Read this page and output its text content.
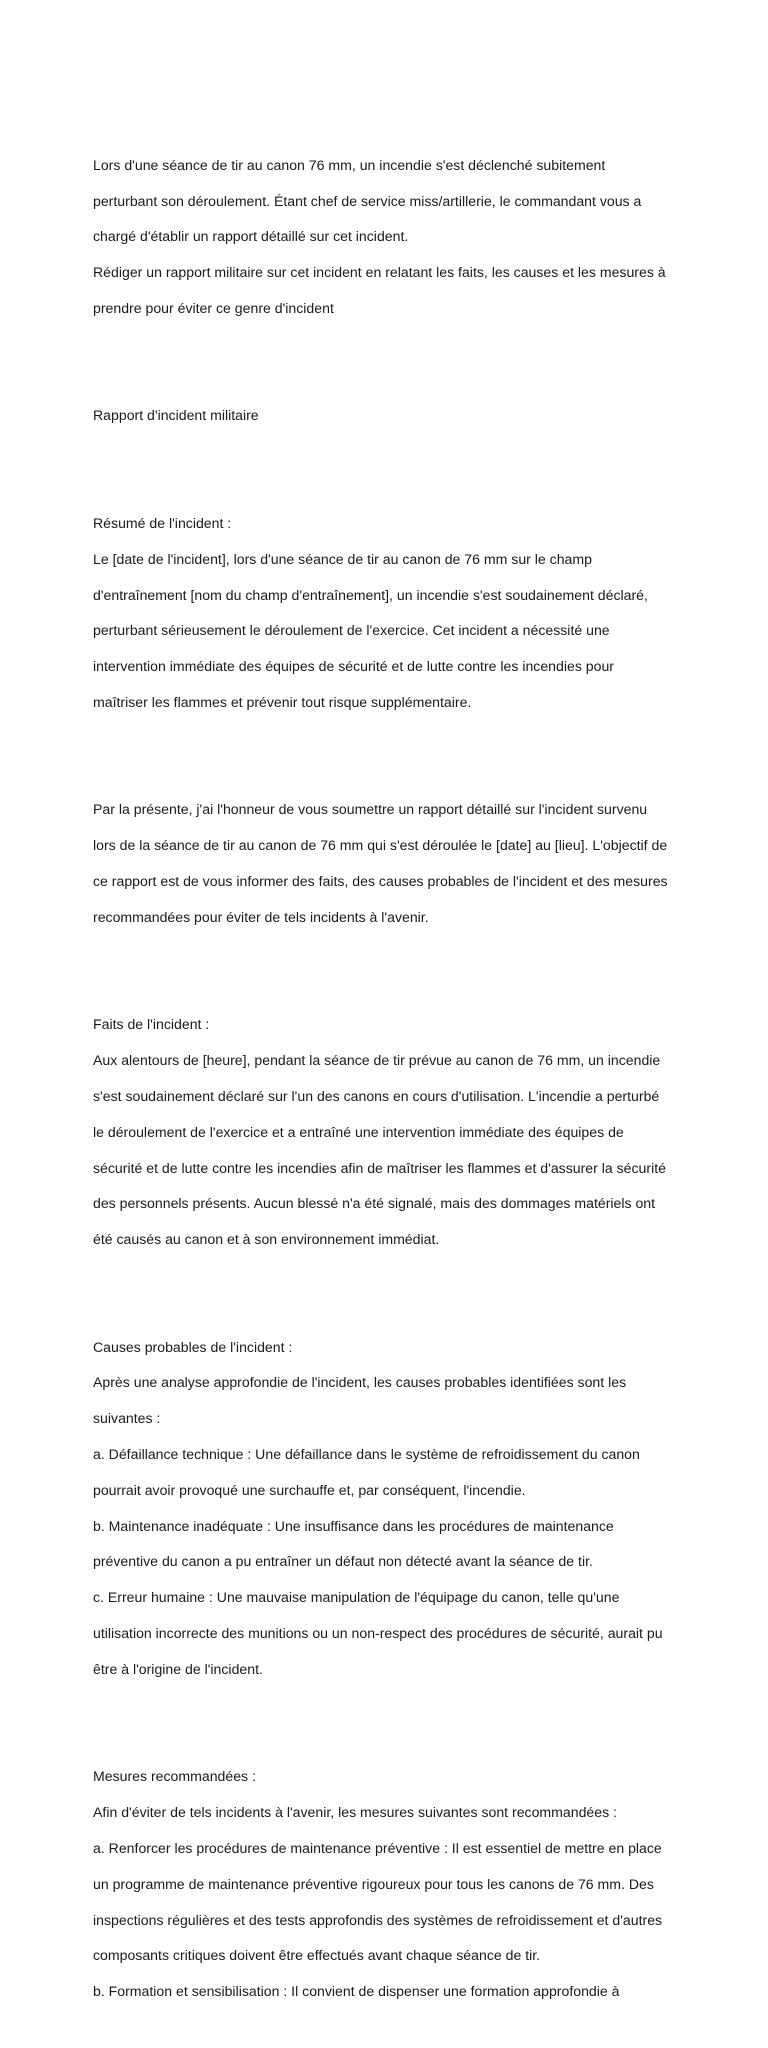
Lors d'une séance de tir au canon 76 mm, un incendie s'est déclenché subitement

perturbant son déroulement. Étant chef de service miss/artillerie, le commandant vous a

chargé d'établir un rapport détaillé sur cet incident.

Rédiger un rapport militaire sur cet incident en relatant les faits, les causes et les mesures à

prendre pour éviter ce genre d'incident

Rapport d'incident militaire

Résumé de l'incident :

Le [date de l'incident], lors d'une séance de tir au canon de 76 mm sur le champ

d'entraînement [nom du champ d'entraînement], un incendie s'est soudainement déclaré,

perturbant sérieusement le déroulement de l'exercice. Cet incident a nécessité une

intervention immédiate des équipes de sécurité et de lutte contre les incendies pour

maîtriser les flammes et prévenir tout risque supplémentaire.

Par la présente, j'ai l'honneur de vous soumettre un rapport détaillé sur l'incident survenu

lors de la séance de tir au canon de 76 mm qui s'est déroulée le [date] au [lieu]. L'objectif de

ce rapport est de vous informer des faits, des causes probables de l'incident et des mesures

recommandées pour éviter de tels incidents à l'avenir.

Faits de l'incident :

Aux alentours de [heure], pendant la séance de tir prévue au canon de 76 mm, un incendie

s'est soudainement déclaré sur l'un des canons en cours d'utilisation. L'incendie a perturbé

le déroulement de l'exercice et a entraîné une intervention immédiate des équipes de

sécurité et de lutte contre les incendies afin de maîtriser les flammes et d'assurer la sécurité

des personnels présents. Aucun blessé n'a été signalé, mais des dommages matériels ont

été causés au canon et à son environnement immédiat.

Causes probables de l'incident :

Après une analyse approfondie de l'incident, les causes probables identifiées sont les

suivantes :

a. Défaillance technique : Une défaillance dans le système de refroidissement du canon

pourrait avoir provoqué une surchauffe et, par conséquent, l'incendie.

b. Maintenance inadéquate : Une insuffisance dans les procédures de maintenance

préventive du canon a pu entraîner un défaut non détecté avant la séance de tir.

c. Erreur humaine : Une mauvaise manipulation de l'équipage du canon, telle qu'une

utilisation incorrecte des munitions ou un non-respect des procédures de sécurité, aurait pu

être à l'origine de l'incident.

Mesures recommandées :

Afin d'éviter de tels incidents à l'avenir, les mesures suivantes sont recommandées :

a. Renforcer les procédures de maintenance préventive : Il est essentiel de mettre en place

un programme de maintenance préventive rigoureux pour tous les canons de 76 mm. Des

inspections régulières et des tests approfondis des systèmes de refroidissement et d'autres

composants critiques doivent être effectués avant chaque séance de tir.

b. Formation et sensibilisation : Il convient de dispenser une formation approfondie à
